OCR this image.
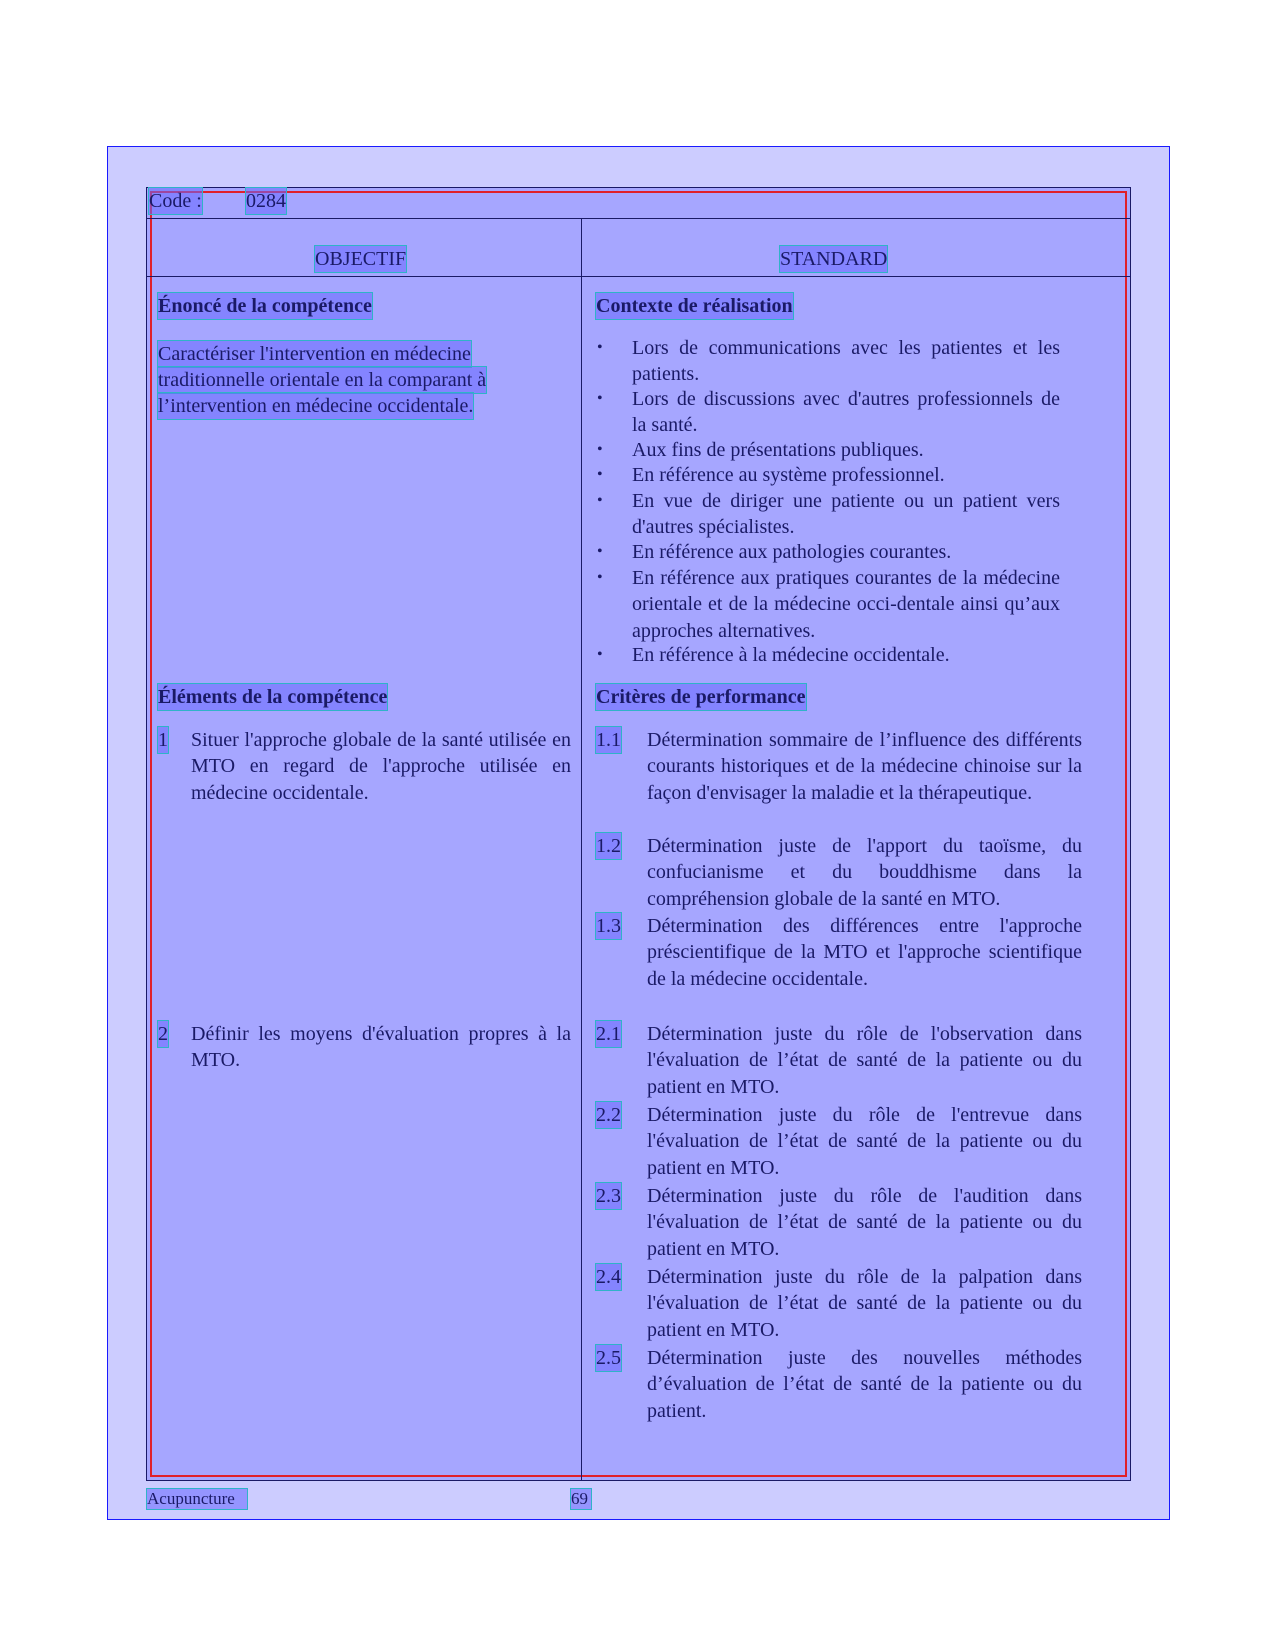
Code : 0284
OBJECTIF	STANDARD
Énoncé de la compétence
Caractériser l'intervention en médecine
traditionnelle orientale en la comparant à
l’intervention en médecine occidentale.
Éléments de la compétence
1 Situer l'approche globale de la santé utilisée en MTO en regard de l'approche utilisée en médecine occidentale.
2 Définir les moyens d'évaluation propres à la MTO.
Contexte de réalisation
• Lors de communications avec les patientes et les patients.
• Lors de discussions avec d'autres professionnels de la santé.
• Aux fins de présentations publiques.
• En référence au système professionnel.
• En vue de diriger une patiente ou un patient vers d'autres spécialistes.
• En référence aux pathologies courantes.
• En référence aux pratiques courantes de la médecine orientale et de la médecine occi-dentale ainsi qu’aux approches alternatives.
• En référence à la médecine occidentale.
Critères de performance
1.1 Détermination sommaire de l’influence des différents courants historiques et de la médecine chinoise sur la façon d'envisager la maladie et la thérapeutique.
1.2 Détermination juste de l'apport du taoïsme, du confucianisme et du bouddhisme dans la compréhension globale de la santé en MTO.
1.3 Détermination des différences entre l'approche préscientifique de la MTO et l'approche scientifique de la médecine occidentale.
2.1 Détermination juste du rôle de l'observation dans l'évaluation de l’état de santé de la patiente ou du patient en MTO.
2.2 Détermination juste du rôle de l'entrevue dans l'évaluation de l’état de santé de la patiente ou du patient en MTO.
2.3 Détermination juste du rôle de l'audition dans l'évaluation de l’état de santé de la patiente ou du patient en MTO.
2.4 Détermination juste du rôle de la palpation dans l'évaluation de l’état de santé de la patiente ou du patient en MTO.
2.5 Détermination juste des nouvelles méthodes d’évaluation de l’état de santé de la patiente ou du patient.
Acupuncture	69
